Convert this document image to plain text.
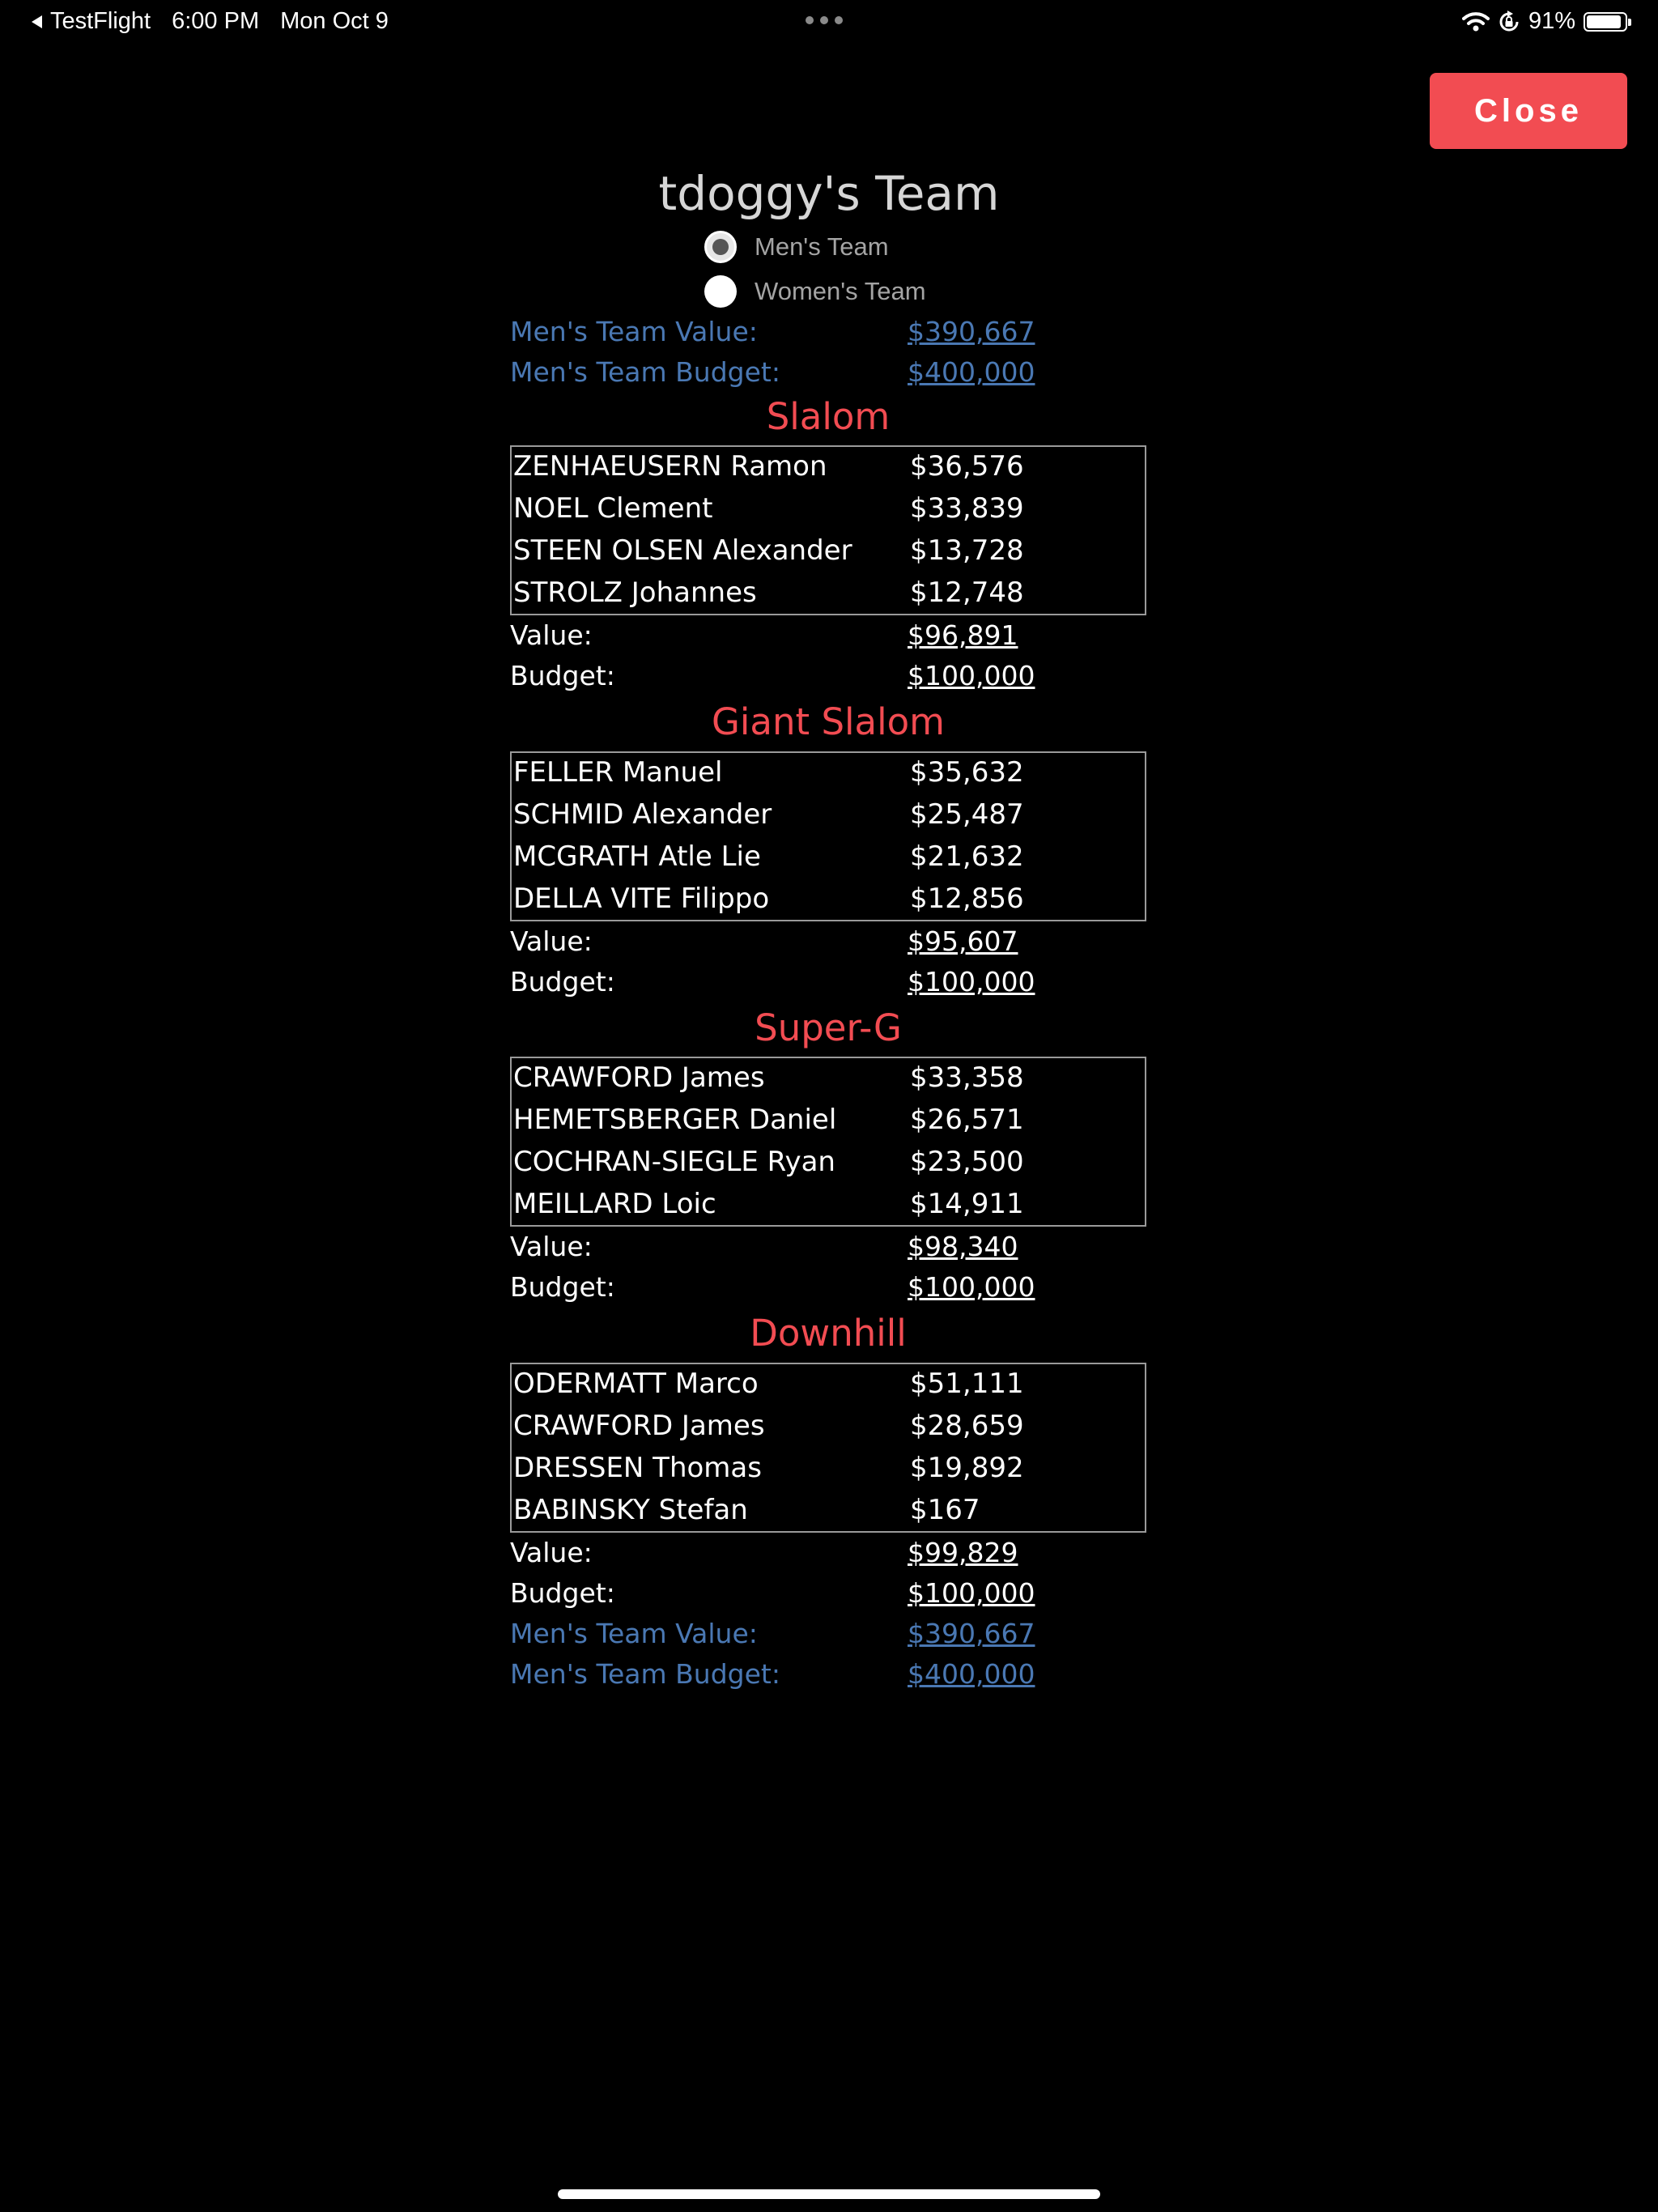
TestFlight 6:00 PM Mon Oct 9	91%
Close
tdoggy's Team
Men's Team
Women's Team
Men's Team Value:	$390,667
Men's Team Budget:	$400,000
Slalom
ZENHAEUSERN Ramon	$36,576
NOEL Clement	$33,839
STEEN OLSEN Alexander $13,728
STROLZ Johannes	$12,748
Value:	$96,891
Budget:	$100,000
Giant Slalom
FELLER Manuel	$35,632
SCHMID Alexander	$25,487
MCGRATH Atle Lie	$21,632
DELLA VITE Filippo	$12,856
Value:	$95,607
Budget:	$100,000
Super-G
CRAWFORD James	$33,358
HEMETSBERGER Daniel	$26,571
COCHRAN-SIEGLE Ryan	$23,500
MEILLARD Loic	$14,911
Value:	$98,340
Budget:	$100,000
Downhill
ODERMATT Marco	$51,111
CRAWFORD James	$28,659
DRESSEN Thomas	$19,892
BABINSKY Stefan	$167
Value:	$99,829
Budget:	$100,000
Men's Team Value:	$390,667
Men's Team Budget:	$400,000
